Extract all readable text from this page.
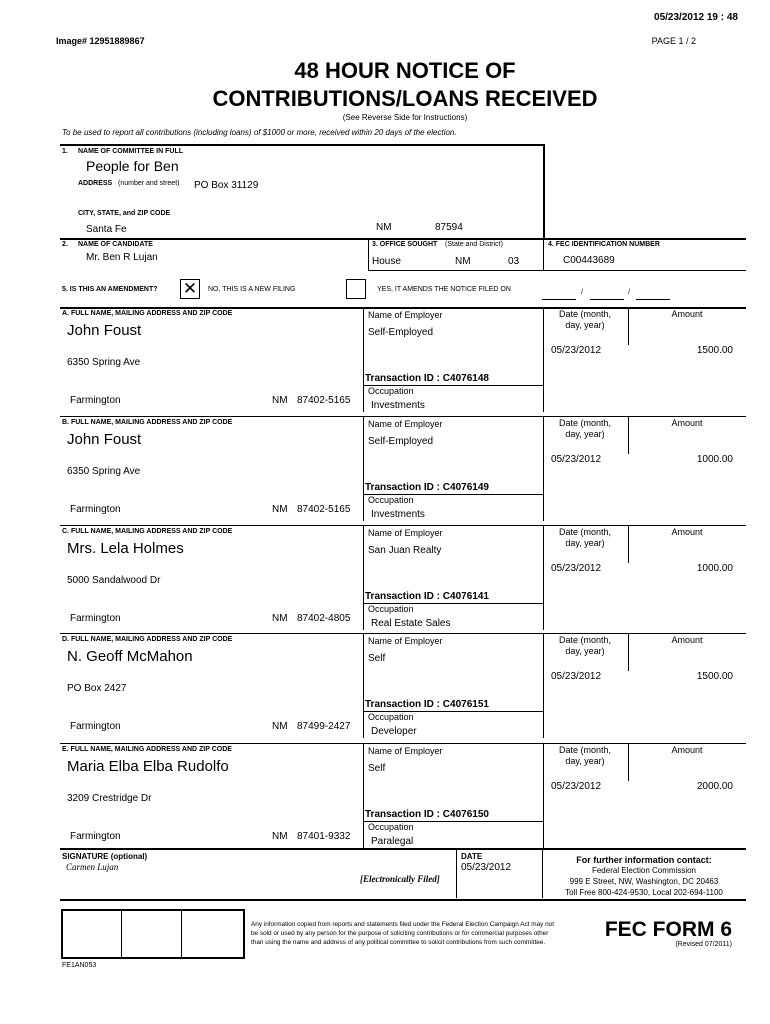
05/23/2012 19 : 48
Image# 12951889867	PAGE 1 / 2
48 HOUR NOTICE OF
CONTRIBUTIONS/LOANS RECEIVED
(See Reverse Side for Instructions)
To be used to report all contributions (including loans) of $1000 or more, received within 20 days of the election.
1. NAME OF COMMITTEE IN FULL
People for Ben
ADDRESS (number and street) PO Box 31129
CITY, STATE, and ZIP CODE
Santa Fe	NM	87594
2. NAME OF CANDIDATE
Mr. Ben R Lujan
3. OFFICE SOUGHT (State and District)
House	NM	03
4. FEC IDENTIFICATION NUMBER
C00443689
5. IS THIS AN AMENDMENT? ✕	NO, THIS IS A NEW FILING	YES, IT AMENDS THE NOTICE FILED ON	/	/
A. FULL NAME, MAILING ADDRESS AND ZIP CODE
John Foust
6350 Spring Ave
Farmington	NM 87402-5165
Name of Employer
Self-Employed
Transaction ID : C4076148
Occupation
Investments
Date (month,
day, year)
05/23/2012
Amount
1500.00
B. FULL NAME, MAILING ADDRESS AND ZIP CODE
John Foust
6350 Spring Ave
Farmington	NM 87402-5165
Name of Employer
Self-Employed
Transaction ID : C4076149
Occupation
Investments
Date (month,
day, year)
05/23/2012
Amount
1000.00
C. FULL NAME, MAILING ADDRESS AND ZIP CODE
Mrs. Lela Holmes
5000 Sandalwood Dr
Farmington	NM 87402-4805
Name of Employer
San Juan Realty
Transaction ID : C4076141
Occupation
Real Estate Sales
Date (month,
day, year)
05/23/2012
Amount
1000.00
D. FULL NAME, MAILING ADDRESS AND ZIP CODE
N. Geoff McMahon
PO Box 2427
Farmington	NM 87499-2427
Name of Employer
Self
Transaction ID : C4076151
Occupation
Developer
Date (month,
day, year)
05/23/2012
Amount
1500.00
E. FULL NAME, MAILING ADDRESS AND ZIP CODE
Maria Elba Elba Rudolfo
3209 Crestridge Dr
Farmington	NM 87401-9332
Name of Employer
Self
Transaction ID : C4076150
Occupation
Paralegal
Date (month,
day, year)
05/23/2012
Amount
2000.00
SIGNATURE (optional)
Carmen Lujan
[Electronically Filed]
DATE
05/23/2012
For further information contact:
Federal Election Commission
999 E Street, NW, Washington, DC 20463
Toll Free 800-424-9530, Local 202-694-1100
Any information copied from reports and statements filed under the Federal Election Campaign Act may not
be sold or used by any person for the purpose of soliciting contributions or for commercial purposes other
than using the name and address of any political committee to solicit contributions from such committee.
FEC FORM 6
(Revised 07/2011)
FE1AN053
